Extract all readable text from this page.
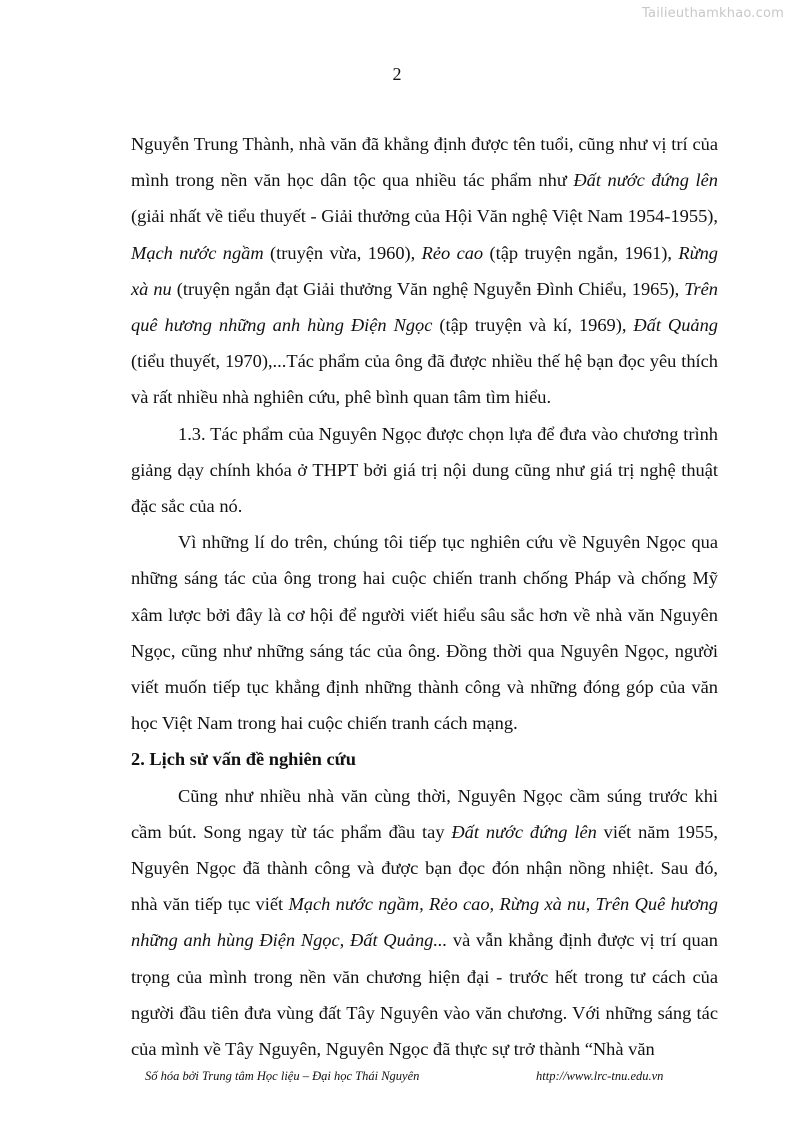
Tailieuthamkhao.com
2

Nguyễn Trung Thành, nhà văn đã khẳng định được tên tuổi, cũng như vị trí của mình trong nền văn học dân tộc qua nhiều tác phẩm như Đất nước đứng lên (giải nhất về tiểu thuyết - Giải thưởng của Hội Văn nghệ Việt Nam 1954-1955), Mạch nước ngầm (truyện vừa, 1960), Rẻo cao (tập truyện ngắn, 1961), Rừng xà nu (truyện ngắn đạt Giải thưởng Văn nghệ Nguyễn Đình Chiểu, 1965), Trên quê hương những anh hùng Điện Ngọc (tập truyện và kí, 1969), Đất Quảng (tiểu thuyết, 1970),...Tác phẩm của ông đã được nhiều thế hệ bạn đọc yêu thích và rất nhiều nhà nghiên cứu, phê bình quan tâm tìm hiểu.

1.3. Tác phẩm của Nguyên Ngọc được chọn lựa để đưa vào chương trình giảng dạy chính khóa ở THPT bởi giá trị nội dung cũng như giá trị nghệ thuật đặc sắc của nó.

Vì những lí do trên, chúng tôi tiếp tục nghiên cứu về Nguyên Ngọc qua những sáng tác của ông trong hai cuộc chiến tranh chống Pháp và chống Mỹ xâm lược bởi đây là cơ hội để người viết hiểu sâu sắc hơn về nhà văn Nguyên Ngọc, cũng như những sáng tác của ông. Đồng thời qua Nguyên Ngọc, người viết muốn tiếp tục khẳng định những thành công và những đóng góp của văn học Việt Nam trong hai cuộc chiến tranh cách mạng.

2. Lịch sử vấn đề nghiên cứu

Cũng như nhiều nhà văn cùng thời, Nguyên Ngọc cầm súng trước khi cầm bút. Song ngay từ tác phẩm đầu tay Đất nước đứng lên viết năm 1955, Nguyên Ngọc đã thành công và được bạn đọc đón nhận nồng nhiệt. Sau đó, nhà văn tiếp tục viết Mạch nước ngầm, Rẻo cao, Rừng xà nu, Trên Quê hương những anh hùng Điện Ngọc, Đất Quảng... và vẫn khẳng định được vị trí quan trọng của mình trong nền văn chương hiện đại - trước hết trong tư cách của người đầu tiên đưa vùng đất Tây Nguyên vào văn chương. Với những sáng tác của mình về Tây Nguyên, Nguyên Ngọc đã thực sự trở thành “Nhà văn

Số hóa bởi Trung tâm Học liệu – Đại học Thái Nguyên	http://www.lrc-tnu.edu.vn
